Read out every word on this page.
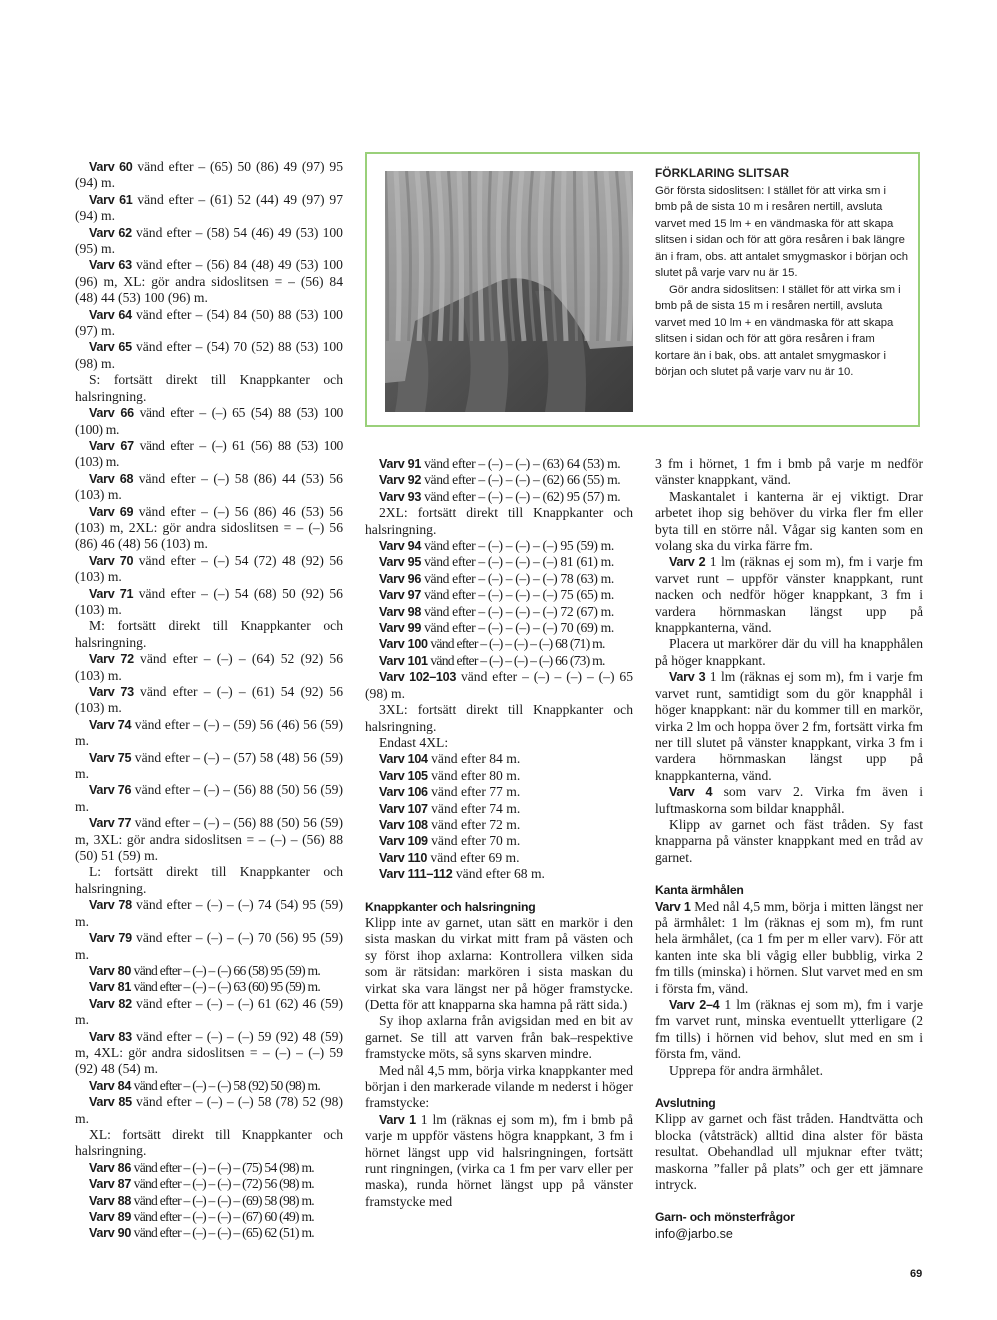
FÖRKLARING SLITSAR

Gör första sidoslitsen: I stället för att virka sm i bmb på de sista 10 m i resåren nertill, avsluta varvet med 15 lm + en vändmaska för att skapa slitsen i sidan och för att göra resåren i bak längre än i fram, obs. att antalet smygmaskor i början och slutet på varje varv nu är 15.

Gör andra sidoslitsen: I stället för att virka sm i bmb på de sista 15 m i resåren nertill, avsluta varvet med 10 lm + en vändmaska för att skapa slitsen i sidan och för att göra resåren i fram kortare än i bak, obs. att antalet smygmaskor i början och slutet på varje varv nu är 10.

Varv 60 vänd efter – (65) 50 (86) 49 (97) 95 (94) m.

Varv 61 vänd efter – (61) 52 (44) 49 (97) 97 (94) m.

Varv 62 vänd efter – (58) 54 (46) 49 (53) 100 (95) m.

Varv 63 vänd efter – (56) 84 (48) 49 (53) 100 (96) m, XL: gör andra sidoslitsen = – (56) 84 (48) 44 (53) 100 (96) m.

Varv 64 vänd efter – (54) 84 (50) 88 (53) 100 (97) m.

Varv 65 vänd efter – (54) 70 (52) 88 (53) 100 (98) m.

S: fortsätt direkt till Knappkanter och halsringning.

Varv 66 vänd efter – (–) 65 (54) 88 (53) 100 (100) m.

Varv 67 vänd efter – (–) 61 (56) 88 (53) 100 (103) m.

Varv 68 vänd efter – (–) 58 (86) 44 (53) 56 (103) m.

Varv 69 vänd efter – (–) 56 (86) 46 (53) 56 (103) m, 2XL: gör andra sidoslitsen = – (–) 56 (86) 46 (48) 56 (103) m.

Varv 70 vänd efter – (–) 54 (72) 48 (92) 56 (103) m.

Varv 71 vänd efter – (–) 54 (68) 50 (92) 56 (103) m.

M: fortsätt direkt till Knappkanter och halsringning.

Varv 72 vänd efter – (–) – (64) 52 (92) 56 (103) m.

Varv 73 vänd efter – (–) – (61) 54 (92) 56 (103) m.

Varv 74 vänd efter – (–) – (59) 56 (46) 56 (59) m.

Varv 75 vänd efter – (–) – (57) 58 (48) 56 (59) m.

Varv 76 vänd efter – (–) – (56) 88 (50) 56 (59) m.

Varv 77 vänd efter – (–) – (56) 88 (50) 56 (59) m, 3XL: gör andra sidoslitsen = – (–) – (56) 88 (50) 51 (59) m.

L: fortsätt direkt till Knappkanter och halsringning.

Varv 78 vänd efter – (–) – (–) 74 (54) 95 (59) m.

Varv 79 vänd efter – (–) – (–) 70 (56) 95 (59) m.

Varv 80 vänd efter – (–) – (–) 66 (58) 95 (59) m.

Varv 81 vänd efter – (–) – (–) 63 (60) 95 (59) m.

Varv 82 vänd efter – (–) – (–) 61 (62) 46 (59) m.

Varv 83 vänd efter – (–) – (–) 59 (92) 48 (59) m, 4XL: gör andra sidoslitsen = – (–) – (–) 59 (92) 48 (54) m.

Varv 84 vänd efter – (–) – (–) 58 (92) 50 (98) m.

Varv 85 vänd efter – (–) – (–) 58 (78) 52 (98) m.

XL: fortsätt direkt till Knappkanter och halsringning.

Varv 86 vänd efter – (–) – (–) – (75) 54 (98) m.

Varv 87 vänd efter – (–) – (–) – (72) 56 (98) m.

Varv 88 vänd efter – (–) – (–) – (69) 58 (98) m.

Varv 89 vänd efter – (–) – (–) – (67) 60 (49) m.

Varv 90 vänd efter – (–) – (–) – (65) 62 (51) m.

Varv 91 vänd efter – (–) – (–) – (63) 64 (53) m.

Varv 92 vänd efter – (–) – (–) – (62) 66 (55) m.

Varv 93 vänd efter – (–) – (–) – (62) 95 (57) m.

2XL: fortsätt direkt till Knappkanter och halsringning.

Varv 94 vänd efter – (–) – (–) – (–) 95 (59) m.

Varv 95 vänd efter – (–) – (–) – (–) 81 (61) m.

Varv 96 vänd efter – (–) – (–) – (–) 78 (63) m.

Varv 97 vänd efter – (–) – (–) – (–) 75 (65) m.

Varv 98 vänd efter – (–) – (–) – (–) 72 (67) m.

Varv 99 vänd efter – (–) – (–) – (–) 70 (69) m.

Varv 100 vänd efter – (–) – (–) – (–) 68 (71) m.

Varv 101 vänd efter – (–) – (–) – (–) 66 (73) m.

Varv 102–103 vänd efter – (–) – (–) – (–) 65 (98) m.

3XL: fortsätt direkt till Knappkanter och halsringning.

Endast 4XL:

Varv 104 vänd efter 84 m.

Varv 105 vänd efter 80 m.

Varv 106 vänd efter 77 m.

Varv 107 vänd efter 74 m.

Varv 108 vänd efter 72 m.

Varv 109 vänd efter 70 m.

Varv 110 vänd efter 69 m.

Varv 111–112 vänd efter 68 m.

Knappkanter och halsringning

Klipp inte av garnet, utan sätt en markör i den sista maskan du virkat mitt fram på västen och sy först ihop axlarna: Kontrollera vilken sida som är rätsidan: markören i sista maskan du virkat ska vara längst ner på höger framstycke. (Detta för att knapparna ska hamna på rätt sida.)

Sy ihop axlarna från avigsidan med en bit av garnet. Se till att varven från bak–respektive framstycke möts, så syns skarven mindre.

Med nål 4,5 mm, börja virka knappkanter med början i den markerade vilande m nederst i höger framstycke:

Varv 1 1 lm (räknas ej som m), fm i bmb på varje m uppför västens högra knappkant, 3 fm i hörnet längst upp vid halsringningen, fortsätt runt ringningen, (virka ca 1 fm per varv eller per maska), runda hörnet längst upp på vänster framstycke med

3 fm i hörnet, 1 fm i bmb på varje m nedför vänster knappkant, vänd.

Maskantalet i kanterna är ej viktigt. Drar arbetet ihop sig behöver du virka fler fm eller byta till en större nål. Vågar sig kanten som en volang ska du virka färre fm.

Varv 2 1 lm (räknas ej som m), fm i varje fm varvet runt – uppför vänster knappkant, runt nacken och nedför höger knappkant, 3 fm i vardera hörnmaskan längst upp på knappkanterna, vänd.

Placera ut markörer där du vill ha knapphålen på höger knappkant.

Varv 3 1 lm (räknas ej som m), fm i varje fm varvet runt, samtidigt som du gör knapphål i höger knappkant: när du kommer till en markör, virka 2 lm och hoppa över 2 fm, fortsätt virka fm ner till slutet på vänster knappkant, virka 3 fm i vardera hörnmaskan längst upp på knappkanterna, vänd.

Varv 4 som varv 2. Virka fm även i luftmaskorna som bildar knapphål.

Klipp av garnet och fäst tråden. Sy fast knapparna på vänster knappkant med en tråd av garnet.

Kanta ärmhålen

Varv 1 Med nål 4,5 mm, börja i mitten längst ner på ärmhålet: 1 lm (räknas ej som m), fm runt hela ärmhålet, (ca 1 fm per m eller varv). För att kanten inte ska bli vågig eller bubblig, virka 2 fm tills (minska) i hörnen. Slut varvet med en sm i första fm, vänd.

Varv 2–4 1 lm (räknas ej som m), fm i varje fm varvet runt, minska eventuellt ytterligare (2 fm tills) i hörnen vid behov, slut med en sm i första fm, vänd.

Upprepa för andra ärmhålet.

Avslutning

Klipp av garnet och fäst tråden. Handtvätta och blocka (våtsträck) alltid dina alster för bästa resultat. Obehandlad ull mjuknar efter tvätt; maskorna ”faller på plats” och ger ett jämnare intryck.

Garn- och mönsterfrågor
info@jarbo.se
69
